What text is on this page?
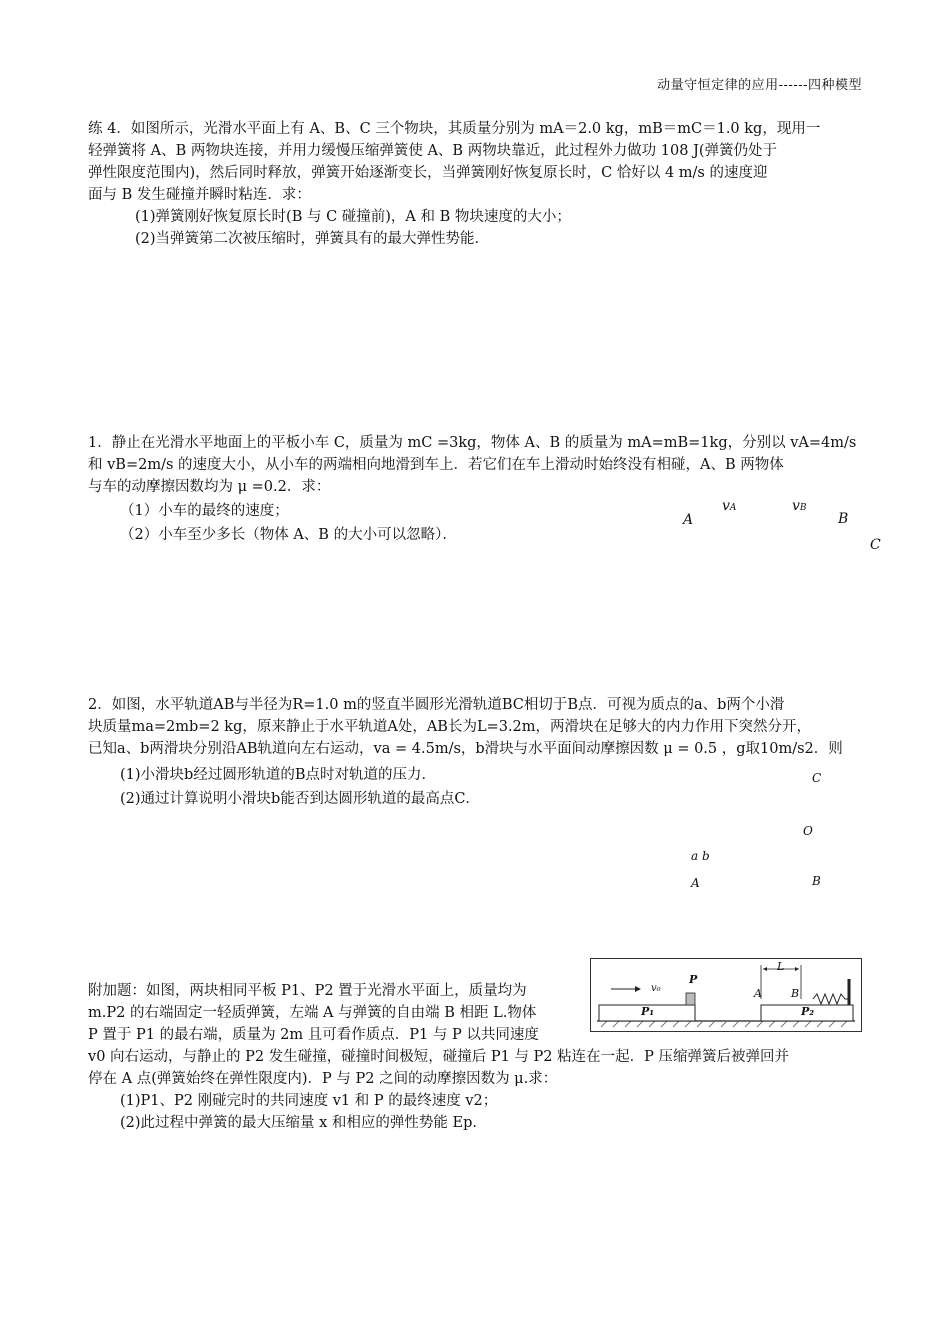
动量守恒定律的应用------四种模型
练 4．如图所示，光滑水平面上有 A、B、C 三个物块，其质量分别为 mA＝2.0 kg，mB＝mC＝1.0 kg，现用一
轻弹簧将 A、B 两物块连接，并用力缓慢压缩弹簧使 A、B 两物块靠近，此过程外力做功 108 J(弹簧仍处于
弹性限度范围内)，然后同时释放，弹簧开始逐渐变长，当弹簧刚好恢复原长时，C 恰好以 4 m/s 的速度迎
面与 B 发生碰撞并瞬时粘连．求：
(1)弹簧刚好恢复原长时(B 与 C 碰撞前)，A 和 B 物块速度的大小；
(2)当弹簧第二次被压缩时，弹簧具有的最大弹性势能．
1．静止在光滑水平地面上的平板小车 C，质量为 mC =3kg，物体 A、B 的质量为 mA=mB=1kg，分别以 vA=4m/s
和 vB=2m/s 的速度大小，从小车的两端相向地滑到车上．若它们在车上滑动时始终没有相碰，A、B 两物体
与车的动摩擦因数均为 μ =0.2．求：
（1）小车的最终的速度；
（2）小车至少多长（物体 A、B 的大小可以忽略）．
A
vA	vB
B
C
2．如图，水平轨道AB与半径为R=1.0 m的竖直半圆形光滑轨道BC相切于B点．可视为质点的a、b两个小滑
块质量ma=2mb=2 kg，原来静止于水平轨道A处，AB长为L=3.2m，两滑块在足够大的内力作用下突然分开，
已知a、b两滑块分别沿AB轨道向左右运动，va = 4.5m/s，b滑块与水平面间动摩擦因数 μ = 0.5 ，g取10m/s2．则
(1)小滑块b经过圆形轨道的B点时对轨道的压力．
(2)通过计算说明小滑块b能否到达圆形轨道的最高点C．
C
O
a b
A	B
附加题：如图，两块相同平板 P1、P2 置于光滑水平面上，质量均为
m.P2 的右端固定一轻质弹簧，左端 A 与弹簧的自由端 B 相距 L.物体
P 置于 P1 的最右端，质量为 2m 且可看作质点．P1 与 P 以共同速度
v0 向右运动，与静止的 P2 发生碰撞，碰撞时间极短，碰撞后 P1 与 P2 粘连在一起．P 压缩弹簧后被弹回并
停在 A 点(弹簧始终在弹性限度内)．P 与 P2 之间的动摩擦因数为 μ.求：
(1)P1、P2 刚碰完时的共同速度 v1 和 P 的最终速度 v2；
(2)此过程中弹簧的最大压缩量 x 和相应的弹性势能 Ep.
P
v₀
L
A	B
P₁	P₂
